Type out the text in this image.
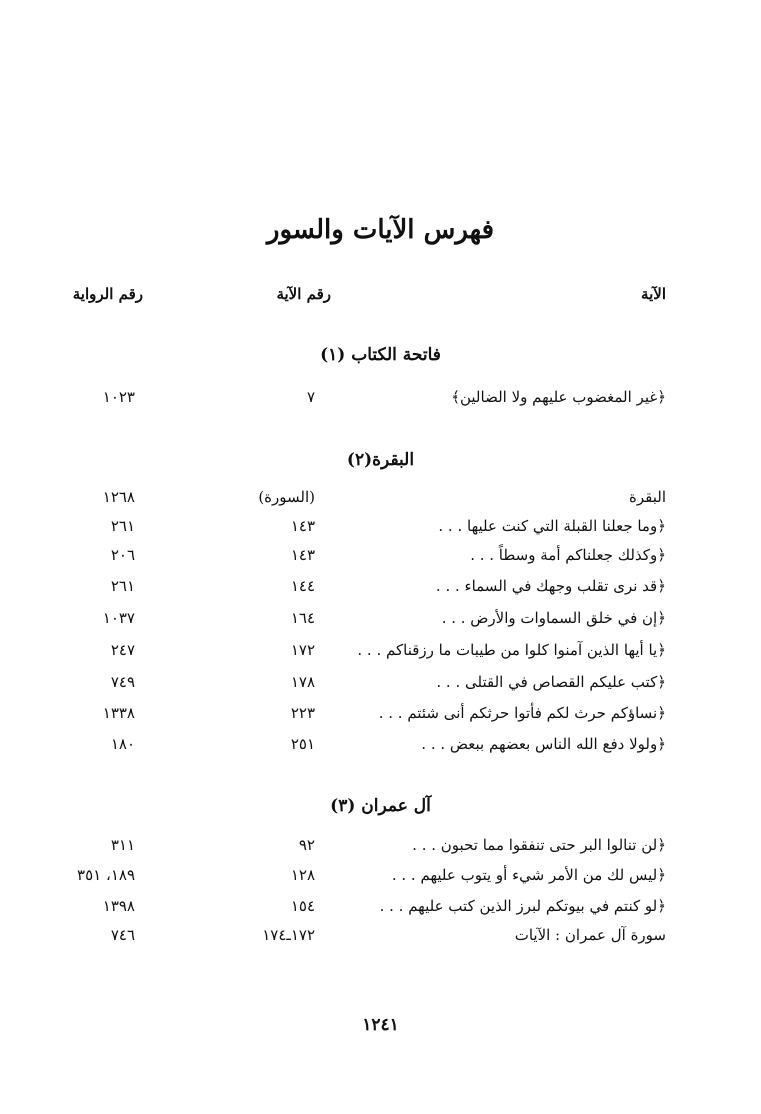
فهرس الآيات والسور
الآية
رقم الآية
رقم الرواية
فاتحة الكتاب (١)
﴿غير المغضوب عليهم ولا الضالين﴾
٧
١٠٢٣
البقرة(٢)
البقرة
(السورة)
١٢٦٨
﴿وما جعلنا القبلة التي كنت عليها . . .
١٤٣
٢٦١
﴿وكذلك جعلناكم أمة وسطاً . . .
١٤٣
٢٠٦
﴿قد نرى تقلب وجهك في السماء . . .
١٤٤
٢٦١
﴿إن في خلق السماوات والأرض . . .
١٦٤
١٠٣٧
﴿يا أيها الذين آمنوا كلوا من طيبات ما رزقناكم . . .
١٧٢
٢٤٧
﴿كتب عليكم القصاص في القتلى . . .
١٧٨
٧٤٩
﴿نساؤكم حرث لكم فأتوا حرثكم أنى شئتم . . .
٢٢٣
١٣٣٨
﴿ولولا دفع الله الناس بعضهم ببعض . . .
٢٥١
١٨٠
آل عمران (٣)
﴿لن تنالوا البر حتى تنفقوا مما تحبون . . .
٩٢
٣١١
﴿ليس لك من الأمر شيء أو يتوب عليهم . . .
١٢٨
١٨٩، ٣٥١
﴿لو كنتم في بيوتكم لبرز الذين كتب عليهم . . .
١٥٤
١٣٩٨
سورة آل عمران : الآيات
١٧٢ـ١٧٤
٧٤٦
١٢٤١
